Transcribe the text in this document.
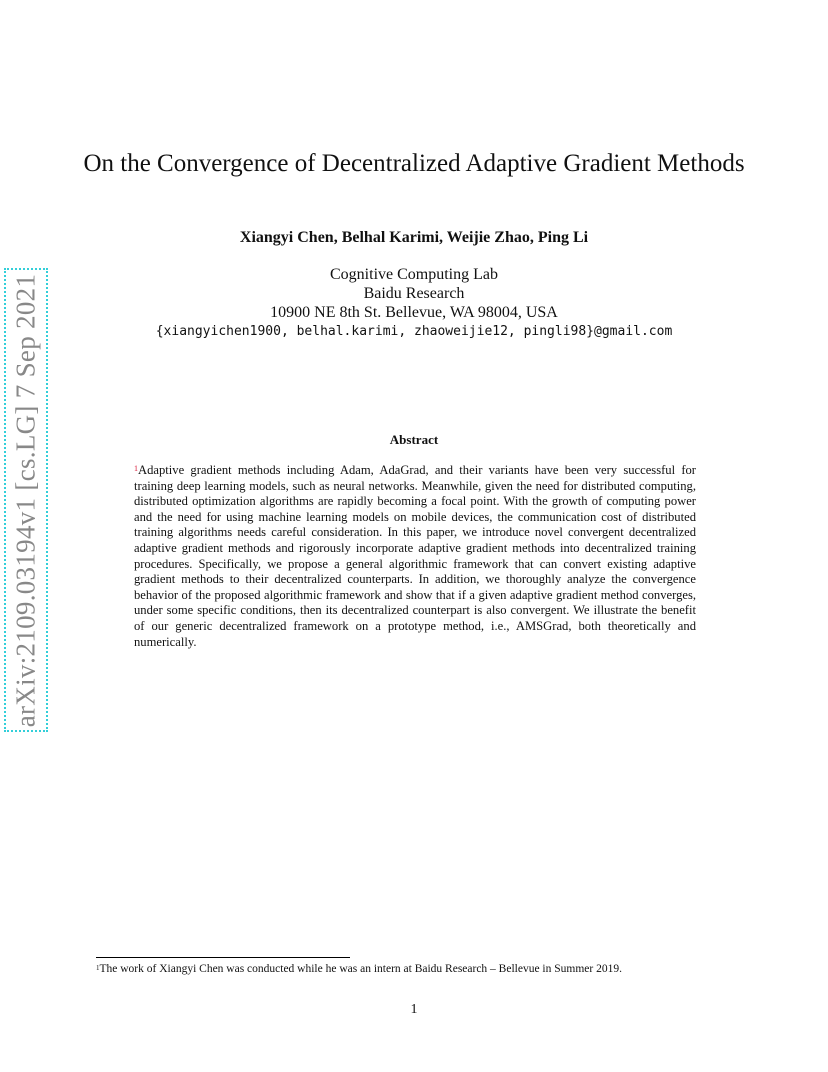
arXiv:2109.03194v1 [cs.LG] 7 Sep 2021
On the Convergence of Decentralized Adaptive Gradient Methods
Xiangyi Chen, Belhal Karimi, Weijie Zhao, Ping Li
Cognitive Computing Lab
Baidu Research
10900 NE 8th St. Bellevue, WA 98004, USA
{xiangyichen1900, belhal.karimi, zhaoweijie12, pingli98}@gmail.com
Abstract
$^1$Adaptive gradient methods including Adam, AdaGrad, and their variants have been very successful for training deep learning models, such as neural networks. Meanwhile, given the need for distributed computing, distributed optimization algorithms are rapidly becoming a focal point. With the growth of computing power and the need for using machine learning models on mobile devices, the communication cost of distributed training algorithms needs careful consideration. In this paper, we introduce novel convergent decentralized adaptive gradient methods and rigorously incorporate adaptive gradient methods into decentralized training procedures. Specifically, we propose a general algorithmic framework that can convert existing adaptive gradient methods to their decentralized counterparts. In addition, we thoroughly analyze the convergence behavior of the proposed algorithmic framework and show that if a given adaptive gradient method converges, under some specific conditions, then its decentralized counterpart is also convergent. We illustrate the benefit of our generic decentralized framework on a prototype method, i.e., AMSGrad, both theoretically and numerically.
$^1$The work of Xiangyi Chen was conducted while he was an intern at Baidu Research – Bellevue in Summer 2019.
1
